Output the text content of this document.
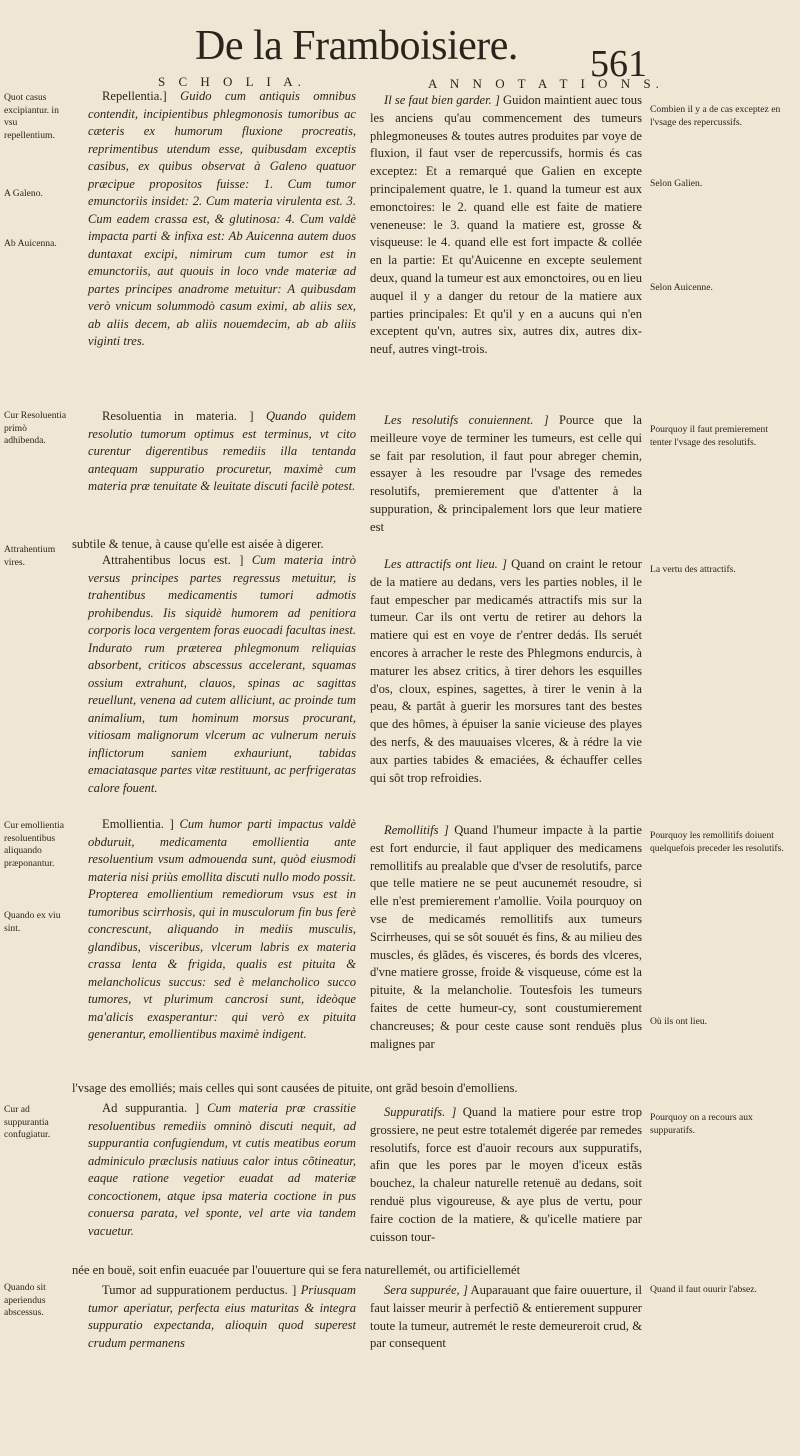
De la Framboisiere. 561
S C H O L I A.	A N N O T A T I O N S.

Repellentia.] Guido cum antiquis omnibus contendit, incipientibus phlegmonosis tumoribus ac cæteris ex humorum fluxione procreatis, reprimentibus utendum esse, quibusdam exceptis casibus, ex quibus observat à Galeno quatuor præcipue propositos fuisse: 1. Cum tumor emunctoriis insidet: 2. Cum materia virulenta est. 3. Cum eadem crassa est, & glutinosa: 4. Cum valdè impacta parti & infixa est: Ab Auicenna autem duos duntaxat excipi, nimirum cum tumor est in emunctoriis, aut quouis in loco vnde materiæ ad partes principes anadrome metuitur: A quibusdam verò vnicum solummodò casum eximi, ab aliis sex, ab aliis decem, ab aliis nouemdecim, ab ab aliis viginti tres.

Resoluentia in materia. ] Quando quidem resolutio tumorum optimus est terminus, vt cito curentur digerentibus remediis illa tentanda antequam suppuratio procuretur, maximè cum materia præ tenuitate & leuitate discuti facilè potest.

Attrahentibus locus est. ] Cum materia intrò versus principes partes regressus metuitur, is trahentibus medicamentis tumori admotis prohibendus. Iis siquidè humorem ad penitiora corporis loca vergentem foras euocadi facultas inest. Indurato rum præterea phlegmonum reliquias absorbent, criticos abscessus accelerant, squamas ossium extrahunt, clauos, spinas ac sagittas reuellunt, venena ad cutem alliciunt, ac proinde tum animalium, tum hominum morsus procurant, vitiosam malignorum vlcerum ac vulnerum neruis inflictorum saniem exhauriunt, tabidas emaciatasque partes vitæ restituunt, ac perfrigeratas calore fouent.

Emollientia. ] Cum humor parti impactus valdè obduruit, medicamenta emollientia ante resoluentium vsum admouenda sunt, quòd eiusmodi materia nisi priùs emollita discuti nullo modo possit. Propterea emollientium remediorum vsus est in tumoribus scirrhosis, qui in musculorum fin bus ferè concrescunt, aliquando in mediis musculis, glandibus, visceribus, vlcerum labris ex materia crassa lenta & frigida, qualis est pituita & melancholicus succus: sed è melancholico succo tumores, vt plurimum cancrosi sunt, ideòque ma'alicis exasperantur: qui verò ex pituita generantur, emollientibus maximè indigent.

Ad suppurantia. ] Cum materia præ crassitie resoluentibus remediis omninò discuti nequit, ad suppurantia confugiendum, vt cutis meatibus eorum adminiculo præclusis natiuus calor intus cõtineatur, eaque ratione vegetior euadat ad materiæ concoctionem, atque ipsa materia coctione in pus conuersa parata, vel sponte, vel arte via tandem vacuetur.

Tumor ad suppurationem perductus. ] Priusquam tumor aperiatur, perfecta eius maturitas & integra suppuratio expectanda, alioquin quod superest crudum permanens

Il se faut bien garder. ] Guidon maintient auec tous les anciens qu'au commencement des tumeurs phlegmoneuses & toutes autres produites par voye de fluxion, il faut vser de repercussifs, hormis és cas exceptez: Et a remarqué que Galien en excepte principalement quatre, le 1. quand la tumeur est aux emonctoires: le 2. quand elle est faite de matiere veneneuse: le 3. quand la matiere est, grosse & visqueuse: le 4. quand elle est fort impacte & collée en la partie: Et qu'Auicenne en excepte seulement deux, quand la tumeur est aux emonctoires, ou en lieu auquel il y a danger du retour de la matiere aux parties principales: Et qu'il y en a aucuns qui n'en exceptent qu'vn, autres six, autres dix, autres dix-neuf, autres vingt-trois.

Les resolutifs conuiennent. ] Pource que la meilleure voye de terminer les tumeurs, est celle qui se fait par resolution, il faut pour abreger chemin, essayer à les resoudre par l'vsage des remedes resolutifs, premierement que d'attenter à la suppuration, & principalement lors que leur matiere est

subtile & tenue, à cause qu'elle est aisée à digerer.

Les attractifs ont lieu. ] Quand on craint le retour de la matiere au dedans, vers les parties nobles, il le faut empescher par medicamés attractifs mis sur la tumeur. Car ils ont vertu de retirer au dehors la matiere qui est en voye de r'entrer dedás. Ils seruét encores à arracher le reste des Phlegmons endurcis, à maturer les absez critics, à tirer dehors les esquilles d'os, cloux, espines, sagettes, à tirer le venin à la peau, & partât à guerir les morsures tant des bestes que des hômes, à épuiser la sanie vicieuse des playes des nerfs, & des mauuaises vlceres, & à rédre la vie aux parties tabides & emaciées, & échauffer celles qui sôt trop refroidies.

Remollitifs ] Quand l'humeur impacte à la partie est fort endurcie, il faut appliquer des medicamens remollitifs au prealable que d'vser de resolutifs, parce que telle matiere ne se peut aucunemét resoudre, si elle n'est premierement r'amollie. Voila pourquoy on vse de medicamés remollitifs aux tumeurs Scirrheuses, qui se sôt souuét és fins, & au milieu des muscles, és glãdes, és visceres, és bords des vlceres, d'vne matiere grosse, froide & visqueuse, cóme est la pituite, & la melancholie. Toutesfois les tumeurs faites de cette humeur-cy, sont coustumierement chancreuses; & pour ceste cause sont renduës plus malignes par

l'vsage des emolliés; mais celles qui sont causées de pituite, ont grãd besoin d'emolliens.

Suppuratifs. ] Quand la matiere pour estre trop grossiere, ne peut estre totalemét digerée par remedes resolutifs, force est d'auoir recours aux suppuratifs, afin que les pores par le moyen d'iceux estãs bouchez, la chaleur naturelle retenuë au dedans, soit renduë plus vigoureuse, & aye plus de vertu, pour faire coction de la matiere, & qu'icelle matiere par cuisson tour-

née en bouë, soit enfin euacuée par l'ouuerture qui se fera naturellemét, ou artificiellemét

Sera suppurée, ] Auparauant que faire ouuerture, il faut laisser meurir à perfectiõ & entierement suppurer toute la tumeur, autremét le reste demeureroit crud, & par consequent

Quot casus excipiantur. in vsu repellentium.
A Galeno.
Ab Auicenna.
Cur Resoluentia primò adhibenda.
Attrahentium vires.
Cur emollientia resoluentibus aliquando præponantur.
Quando ex viu sint.
Cur ad suppurantia confugiatur.
Quando sit aperiendus abscessus.
Combien il y a de cas exceptez en l'vsage des repercussifs.
Selon Galien.
Selon Auicenne.
Pourquoy il faut premierement tenter l'vsage des resolutifs.
La vertu des attractifs.
Pourquoy les remollitifs doiuent quelquefois preceder les resolutifs.
Où ils ont lieu.
Pourquoy on a recours aux suppuratifs.
Quand il faut ouurir l'absez.
